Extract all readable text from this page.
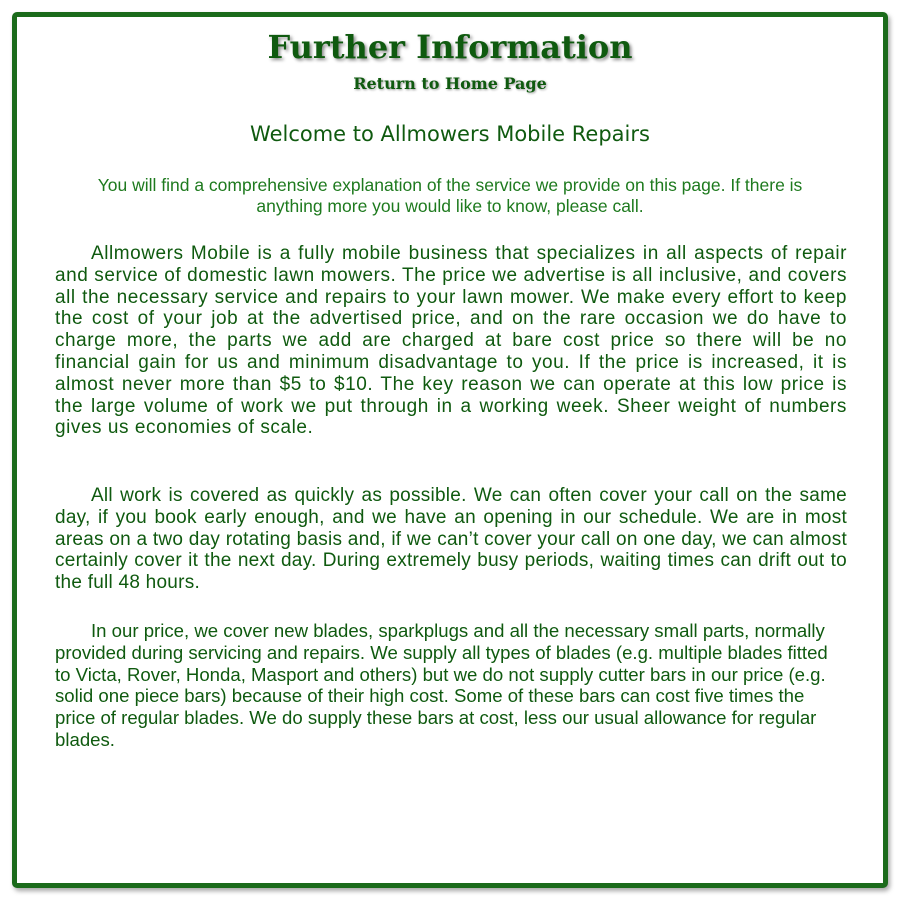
Further Information
Return to Home Page
Welcome to Allmowers Mobile Repairs
You will find a comprehensive explanation of the service we provide on this page. If there is anything more you would like to know, please call.
Allmowers Mobile is a fully mobile business that specializes in all aspects of repair and service of domestic lawn mowers. The price we advertise is all inclusive, and covers all the necessary service and repairs to your lawn mower. We make every effort to keep the cost of your job at the advertised price, and on the rare occasion we do have to charge more, the parts we add are charged at bare cost price so there will be no financial gain for us and minimum disadvantage to you. If the price is increased, it is almost never more than $5 to $10. The key reason we can operate at this low price is the large volume of work we put through in a working week. Sheer weight of numbers gives us economies of scale.
All work is covered as quickly as possible. We can often cover your call on the same day, if you book early enough, and we have an opening in our schedule. We are in most areas on a two day rotating basis and, if we can’t cover your call on one day, we can almost certainly cover it the next day. During extremely busy periods, waiting times can drift out to the full 48 hours.
In our price, we cover new blades, sparkplugs and all the necessary small parts, normally provided during servicing and repairs. We supply all types of blades (e.g. multiple blades fitted to Victa, Rover, Honda, Masport and others) but we do not supply cutter bars in our price (e.g. solid one piece bars) because of their high cost. Some of these bars can cost five times the price of regular blades. We do supply these bars at cost, less our usual allowance for regular blades.
